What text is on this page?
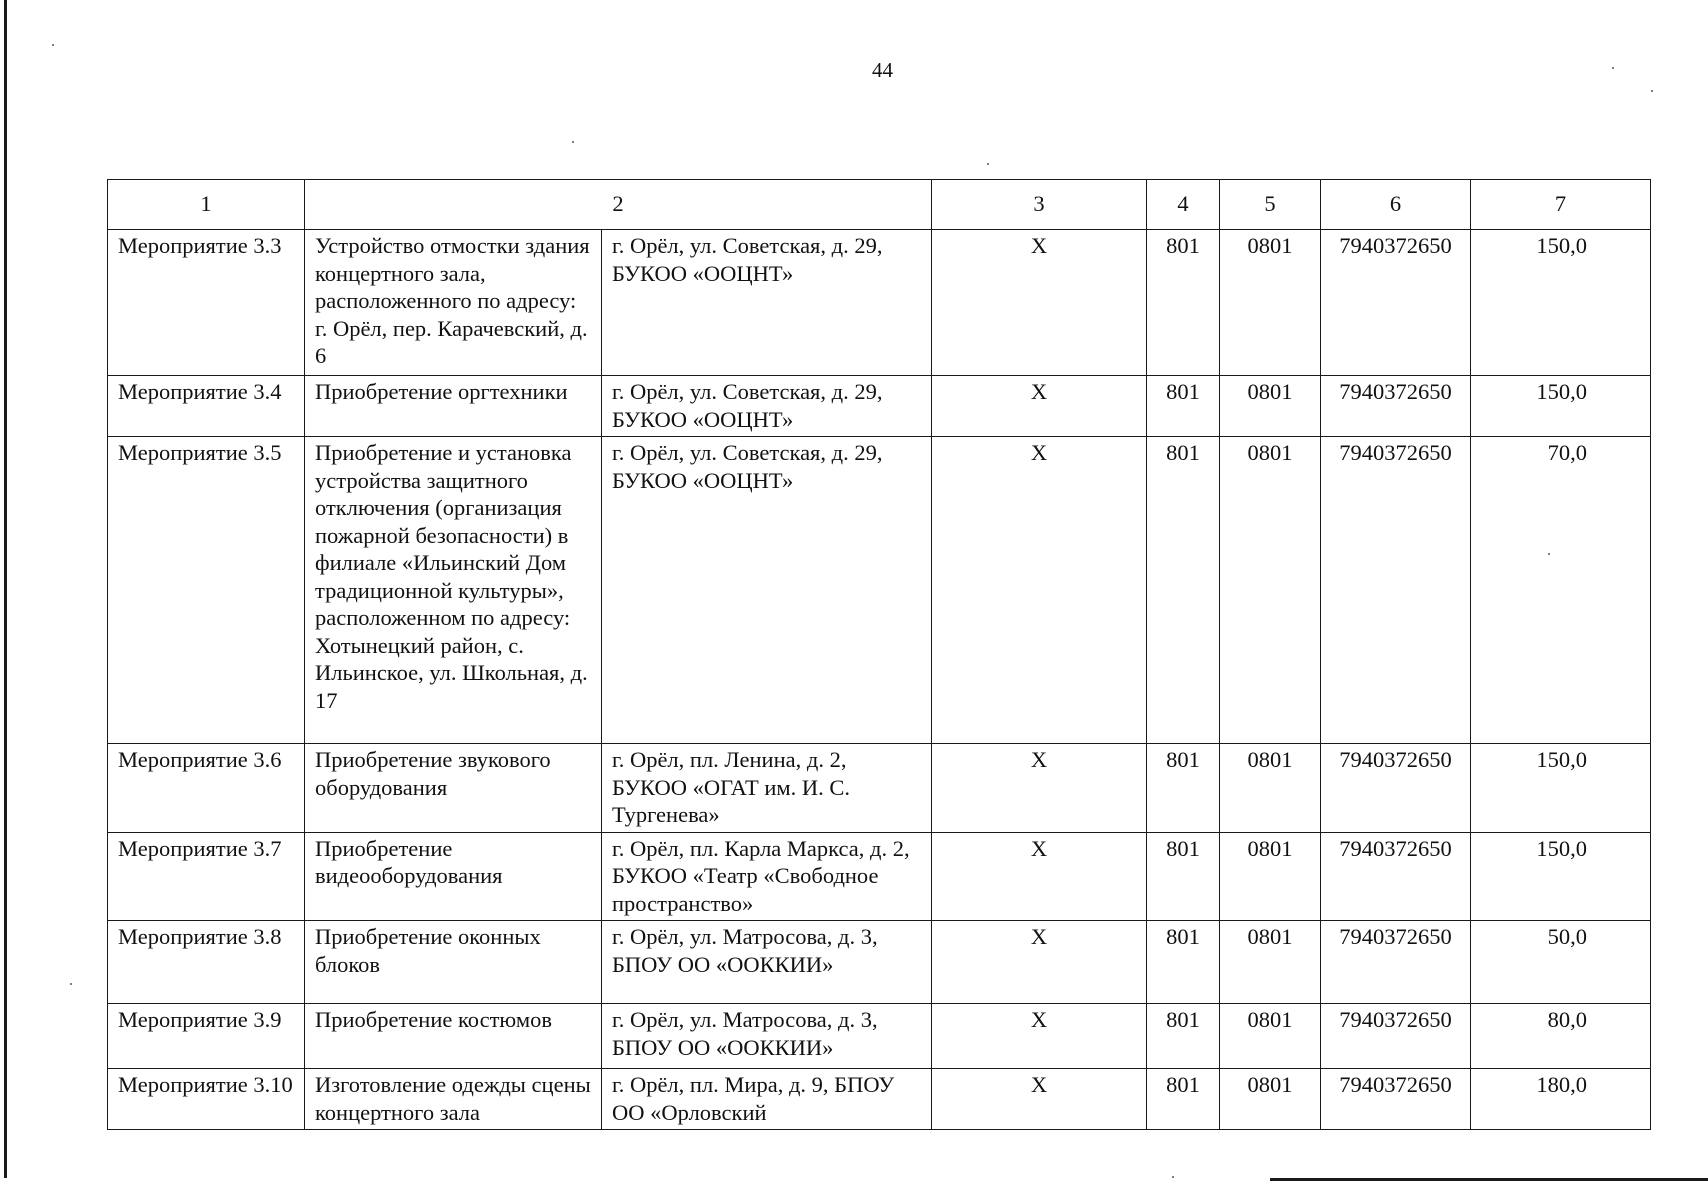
44
1	2		3	4	5	6	7
Мероприятие 3.3	Устройство отмостки здания концертного зала, расположенного по адресу: г. Орёл, пер. Карачевский, д. 6	г. Орёл, ул. Советская, д. 29, БУКОО «ООЦНТ»	Х	801	0801	7940372650	150,0
Мероприятие 3.4	Приобретение оргтехники	г. Орёл, ул. Советская, д. 29, БУКОО «ООЦНТ»	Х	801	0801	7940372650	150,0
Мероприятие 3.5	Приобретение и установка устройства защитного отключения (организация пожарной безопасности) в филиале «Ильинский Дом традиционной культуры», расположенном по адресу: Хотынецкий район, с. Ильинское, ул. Школьная, д. 17	г. Орёл, ул. Советская, д. 29, БУКОО «ООЦНТ»	Х	801	0801	7940372650	70,0
Мероприятие 3.6	Приобретение звукового оборудования	г. Орёл, пл. Ленина, д. 2, БУКОО «ОГАТ им. И. С. Тургенева»	Х	801	0801	7940372650	150,0
Мероприятие 3.7	Приобретение видеооборудования	г. Орёл, пл. Карла Маркса, д. 2, БУКОО «Театр «Свободное пространство»	Х	801	0801	7940372650	150,0
Мероприятие 3.8	Приобретение оконных блоков	г. Орёл, ул. Матросова, д. 3, БПОУ ОО «ООККИИ»	Х	801	0801	7940372650	50,0
Мероприятие 3.9	Приобретение костюмов	г. Орёл, ул. Матросова, д. 3, БПОУ ОО «ООККИИ»	Х	801	0801	7940372650	80,0
Мероприятие 3.10	Изготовление одежды сцены концертного зала	г. Орёл, пл. Мира, д. 9, БПОУ ОО «Орловский	Х	801	0801	7940372650	180,0
